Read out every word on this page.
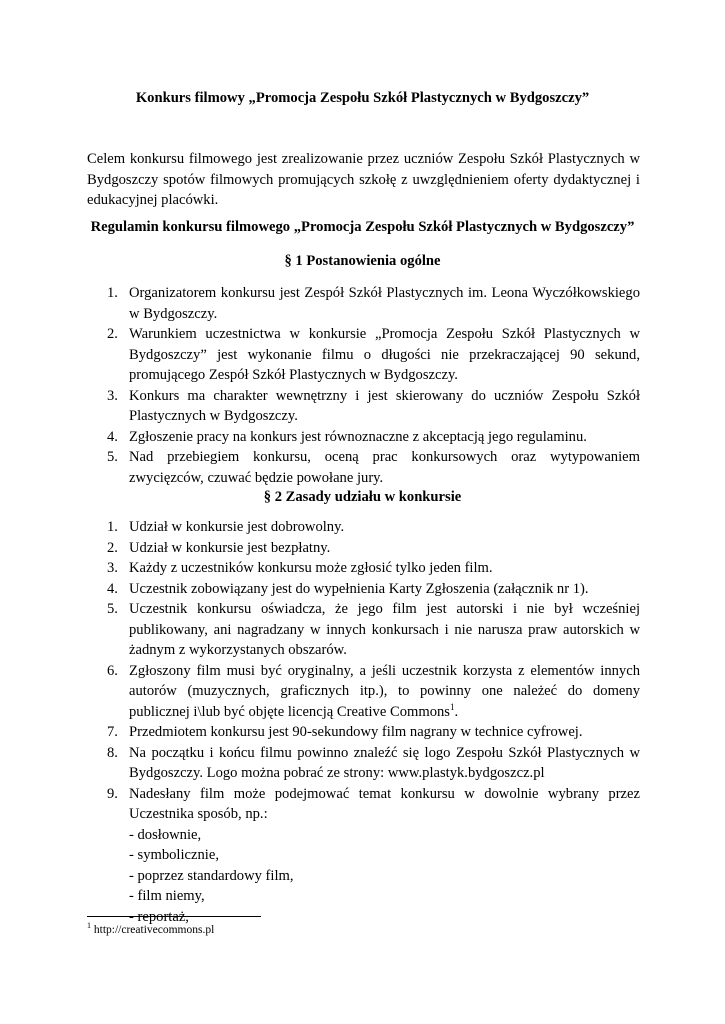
Konkurs filmowy „Promocja Zespołu Szkół Plastycznych w Bydgoszczy”
Celem konkursu filmowego jest zrealizowanie przez uczniów Zespołu Szkół Plastycznych w Bydgoszczy spotów filmowych promujących szkołę z uwzględnieniem oferty dydaktycznej i edukacyjnej placówki.
Regulamin konkursu filmowego „Promocja Zespołu Szkół Plastycznych w Bydgoszczy”
§ 1 Postanowienia ogólne
1. Organizatorem konkursu jest Zespół Szkół Plastycznych im. Leona Wyczółkowskiego w Bydgoszczy.
2. Warunkiem uczestnictwa w konkursie „Promocja Zespołu Szkół Plastycznych w Bydgoszczy” jest wykonanie filmu o długości nie przekraczającej 90 sekund, promującego Zespół Szkół Plastycznych w Bydgoszczy.
3. Konkurs ma charakter wewnętrzny i jest skierowany do uczniów Zespołu Szkół Plastycznych w Bydgoszczy.
4. Zgłoszenie pracy na konkurs jest równoznaczne z akceptacją jego regulaminu.
5. Nad przebiegiem konkursu, oceną prac konkursowych oraz wytypowaniem zwycięzców, czuwać będzie powołane jury.
§ 2 Zasady udziału w konkursie
1. Udział w konkursie jest dobrowolny.
2. Udział w konkursie jest bezpłatny.
3. Każdy z uczestników konkursu może zgłosić tylko jeden film.
4. Uczestnik zobowiązany jest do wypełnienia Karty Zgłoszenia (załącznik nr 1).
5. Uczestnik konkursu oświadcza, że jego film jest autorski i nie był wcześniej publikowany, ani nagradzany w innych konkursach i nie narusza praw autorskich w żadnym z wykorzystanych obszarów.
6. Zgłoszony film musi być oryginalny, a jeśli uczestnik korzysta z elementów innych autorów (muzycznych, graficznych itp.), to powinny one należeć do domeny publicznej i\lub być objęte licencją Creative Commons$^1$.
7. Przedmiotem konkursu jest 90-sekundowy film nagrany w technice cyfrowej.
8. Na początku i końcu filmu powinno znaleźć się logo Zespołu Szkół Plastycznych w Bydgoszczy. Logo można pobrać ze strony: www.plastyk.bydgoszcz.pl
9. Nadesłany film może podejmować temat konkursu w dowolnie wybrany przez Uczestnika sposób, np.:
- dosłownie,
- symbolicznie,
- poprzez standardowy film,
- film niemy,
- reportaż,
$^1$ http://creativecommons.pl
